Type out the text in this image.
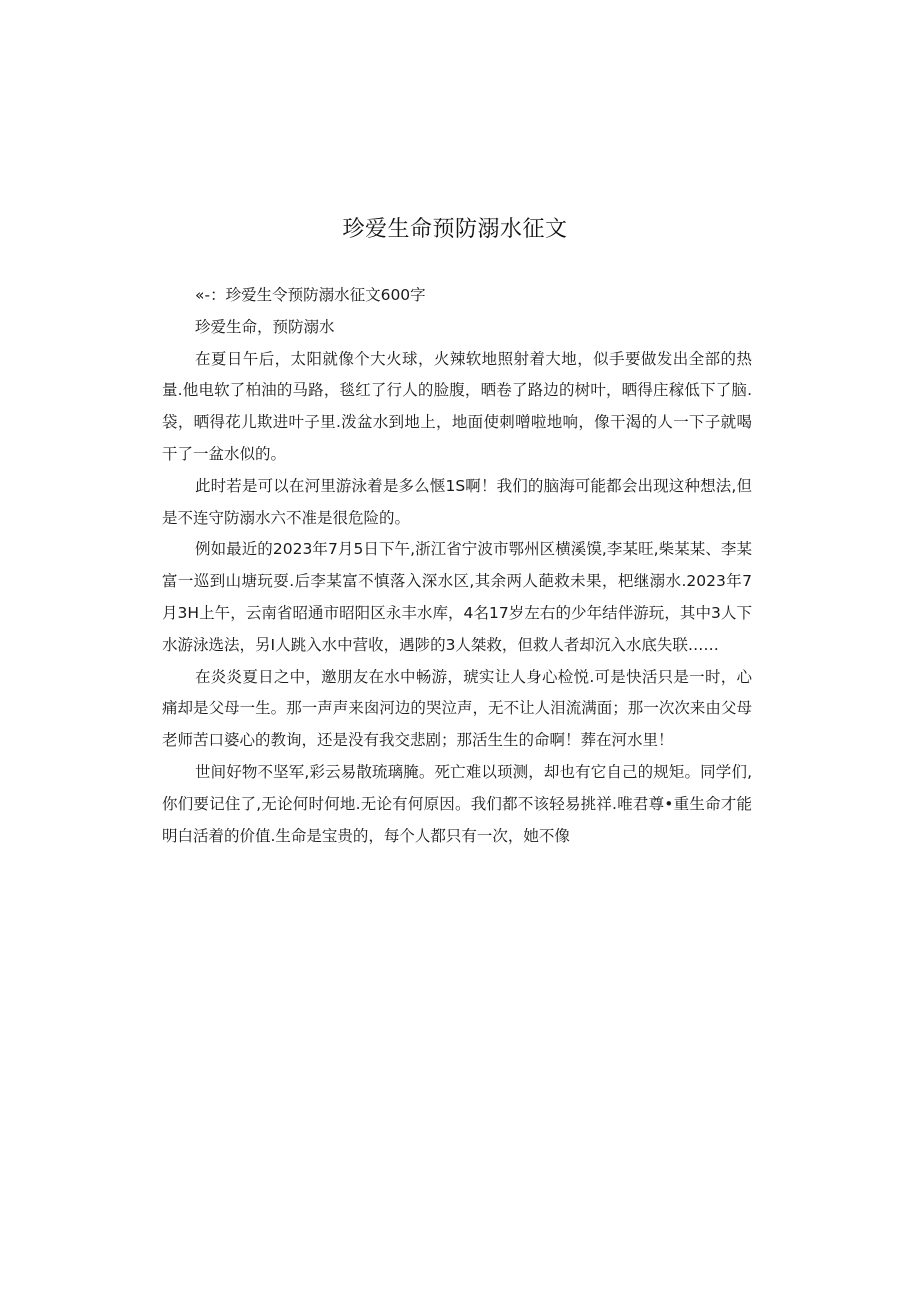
珍爱生命预防溺水征文

«-：珍爱生令预防溺水征文600字

珍爱生命，预防溺水

在夏日午后，太阳就像个大火球，火辣软地照射着大地，似手要做发出全部的热量.他电软了柏油的马路，毯红了行人的脸腹，晒卷了路边的树叶，晒得庄稼低下了脑.袋，晒得花儿欺进叶子里.泼盆水到地上，地面使刺噌啦地响，像干渴的人一下子就喝干了一盆水似的。

此时若是可以在河里游泳着是多么惬1S啊！我们的脑海可能都会出现这种想法,但是不连守防溺水六不准是很危险的。

例如最近的2023年7月5日下午,浙江省宁波市鄂州区横溪馍,李某旺,柴某某、李某富一巡到山塘玩耍.后李某富不慎落入深水区,其余两人葩救未果，杷继溺水.2023年7月3H上午，云南省昭通市昭阳区永丰水库，4名17岁左右的少年结伴游玩，其中3人下水游泳选法，另I人跳入水中营收，遇陟的3人桀救，但救人者却沉入水底失联……

在炎炎夏日之中，邀朋友在水中畅游，琥实让人身心检悦.可是快活只是一时，心痛却是父母一生。那一声声来囱河边的哭泣声，无不让人泪流满面；那一次次来由父母老师苦口婆心的教询，还是没有我交悲剧；那活生生的命啊！葬在河水里！

世间好物不坚军,彩云易散琉璃腌。死亡难以顼测，却也有它自己的规矩。同学们,你们要记住了,无论何时何地.无论有何原因。我们都不该轻易挑祥.唯君尊•重生命才能明白活着的价值.生命是宝贵的，每个人都只有一次，她不像
